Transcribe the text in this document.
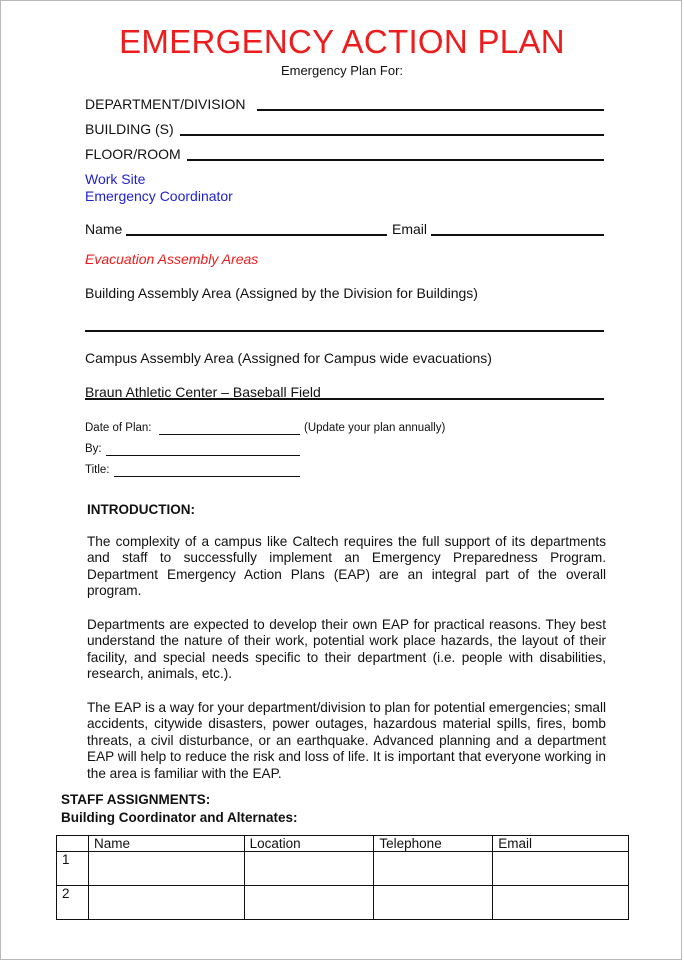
EMERGENCY ACTION PLAN
Emergency Plan For:
DEPARTMENT/DIVISION
BUILDING (S)
FLOOR/ROOM
Work Site
Emergency Coordinator
Name	Email
Evacuation Assembly Areas
Building Assembly Area (Assigned by the Division for Buildings)
Campus Assembly Area (Assigned for Campus wide evacuations)
Braun Athletic Center – Baseball Field
Date of Plan:	(Update your plan annually)
By:
Title:
INTRODUCTION:
The complexity of a campus like Caltech requires the full support of its departments and staff to successfully implement an Emergency Preparedness Program. Department Emergency Action Plans (EAP) are an integral part of the overall program.
Departments are expected to develop their own EAP for practical reasons. They best understand the nature of their work, potential work place hazards, the layout of their facility, and special needs specific to their department (i.e. people with disabilities, research, animals, etc.).
The EAP is a way for your department/division to plan for potential emergencies; small accidents, citywide disasters, power outages, hazardous material spills, fires, bomb threats, a civil disturbance, or an earthquake. Advanced planning and a department EAP will help to reduce the risk and loss of life. It is important that everyone working in the area is familiar with the EAP.
STAFF ASSIGNMENTS:
Building Coordinator and Alternates:
	Name	Location	Telephone	Email
1				
2				
